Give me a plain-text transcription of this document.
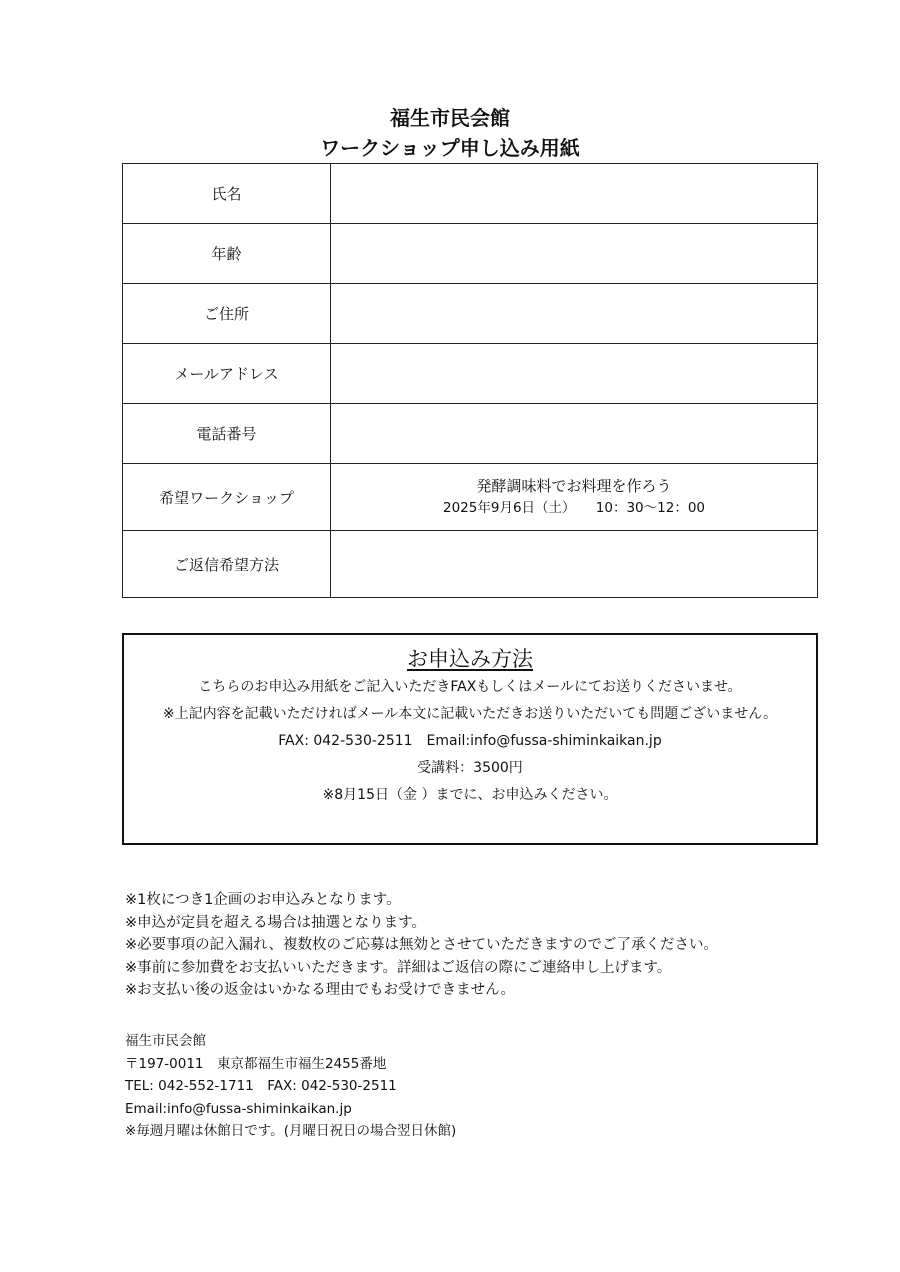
福生市民会館
ワークショップ申し込み用紙
氏名	
年齢	
ご住所	
メールアドレス	
電話番号	
希望ワークショップ	発酵調味料でお料理を作ろう
2025年9月6日（土）　　10：30〜12：00

ご返信希望方法	
お申込み方法

こちらのお申込み用紙をご記入いただきFAXもしくはメールにてお送りくださいませ。

※上記内容を記載いただければメール本文に記載いただきお送りいただいても問題ございません。

FAX: 042-530-2511　Email:info@fussa-shiminkaikan.jp

受講料：3500円

※8月15日（金 ）までに、お申込みください。

※1枚につき1企画のお申込みとなります。
※申込が定員を超える場合は抽選となります。
※必要事項の記入漏れ、複数枚のご応募は無効とさせていただきますのでご了承ください。
※事前に参加費をお支払いいただきます。詳細はご返信の際にご連絡申し上げます。
※お支払い後の返金はいかなる理由でもお受けできません。
福生市民会館
〒197-0011　東京都福生市福生2455番地
TEL: 042-552-1711　FAX: 042-530-2511
Email:info@fussa-shiminkaikan.jp
※毎週月曜は休館日です。(月曜日祝日の場合翌日休館)
